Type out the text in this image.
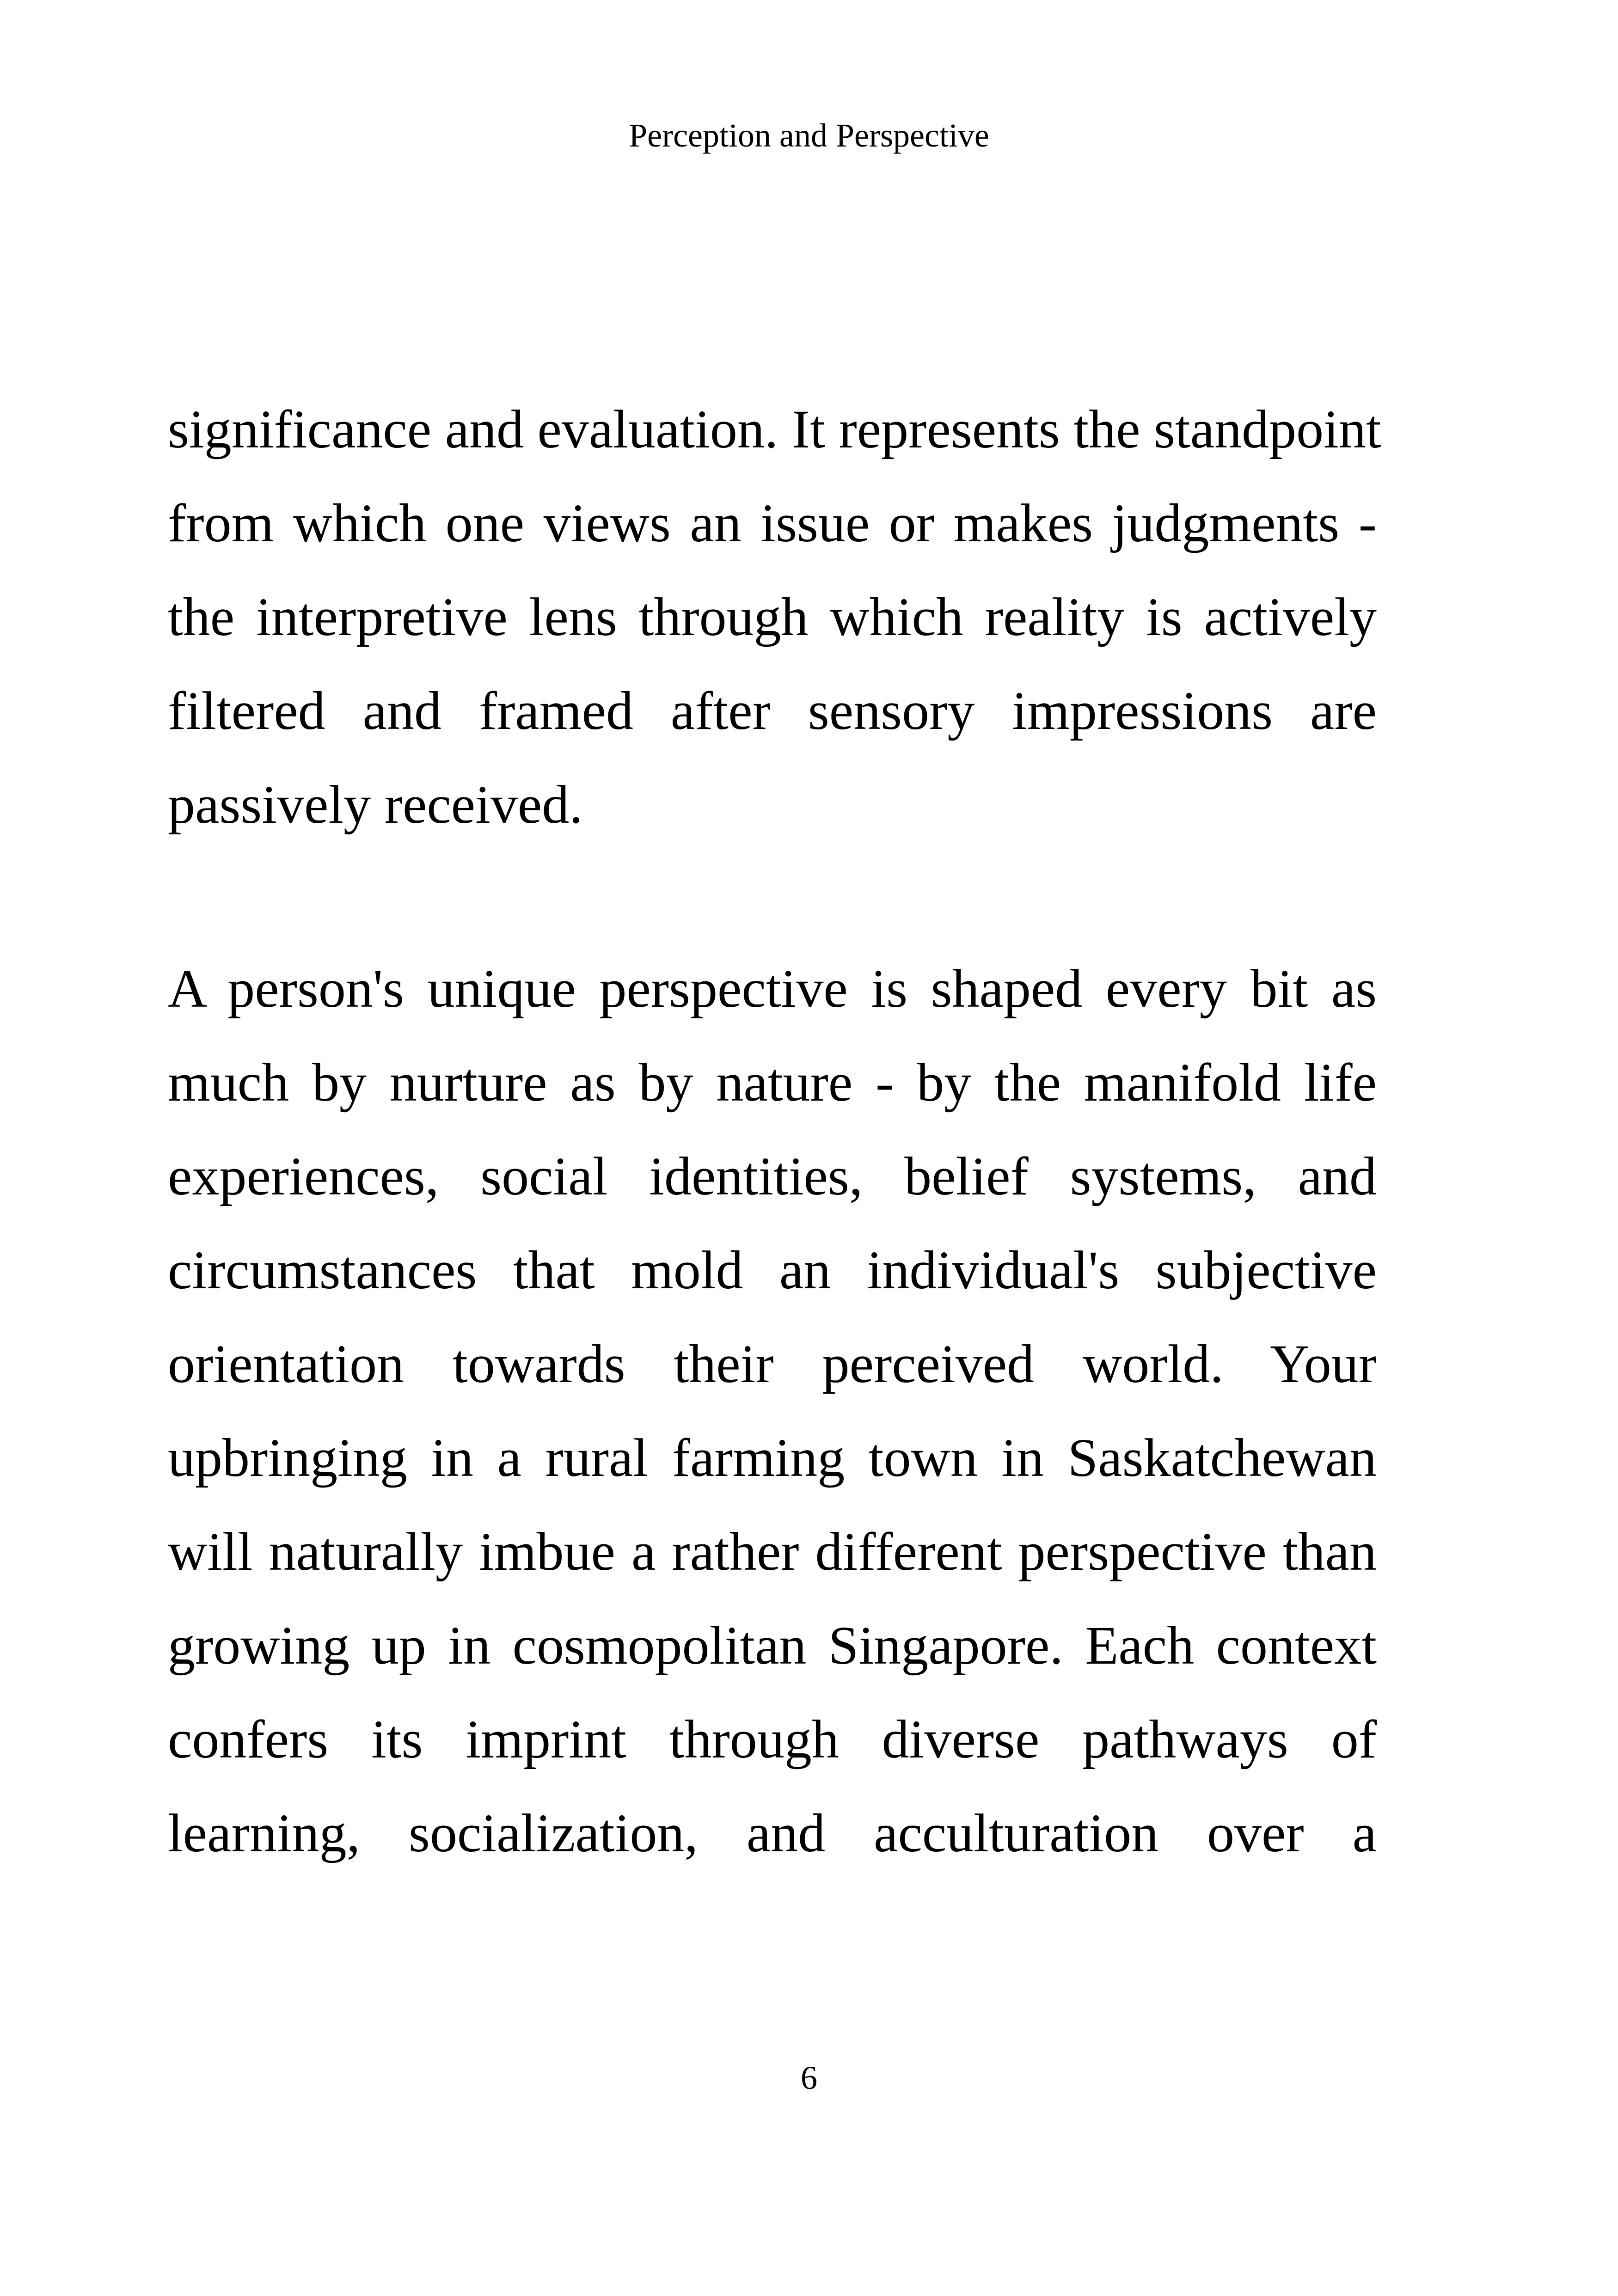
Perception and Perspective
significance and evaluation. It represents the standpoint
from which one views an issue or makes judgments -
the interpretive lens through which reality is actively
filtered and framed after sensory impressions are
passively received.
A person's unique perspective is shaped every bit as
much by nurture as by nature - by the manifold life
experiences, social identities, belief systems, and
circumstances that mold an individual's subjective
orientation towards their perceived world. Your
upbringing in a rural farming town in Saskatchewan
will naturally imbue a rather different perspective than
growing up in cosmopolitan Singapore. Each context
confers its imprint through diverse pathways of
learning, socialization, and acculturation over a
6
